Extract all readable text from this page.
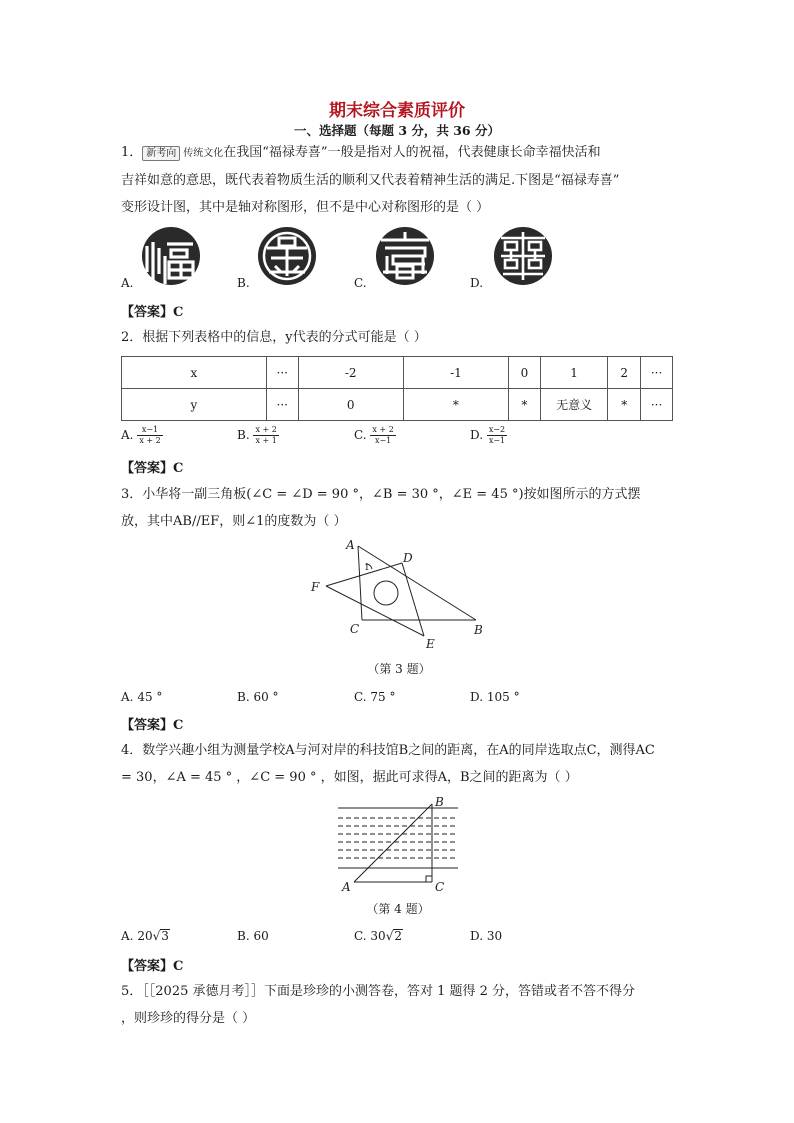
期末综合素质评价
一、选择题（每题 3 分，共 36 分）
1． 新考向 传统文化在我国“福禄寿喜”一般是指对人的祝福，代表健康长命幸福快活和
吉祥如意的意思，既代表着物质生活的顺利又代表着精神生活的满足.下图是“福禄寿喜”
变形设计图，其中是轴对称图形，但不是中心对称图形的是（ ）
A.	B.	C.	D.
【答案】C
2．根据下列表格中的信息，y代表的分式可能是（ ）
x	···	-2	-1	0	1	2	···
y	···	0	*	*	无意义	*	···
A. $\frac{x-1}{x + 2}$	B. $\frac{x + 2}{x + 1}$	C. $\frac{x + 2}{x-1}$	D. $\frac{x-2}{x-1}$
【答案】C
3．小华将一副三角板(∠C = ∠D = 90 °，∠B = 30 °，∠E = 45 °)按如图所示的方式摆
放，其中AB//EF，则∠1的度数为（ ）
A
D
F
C
E
B
1
（第 3 题）
A. 45 °	B. 60 °	C. 75 °	D. 105 °
【答案】C
4．数学兴趣小组为测量学校A与河对岸的科技馆B之间的距离，在A的同岸选取点C，测得AC
= 30，∠A = 45 ° ，∠C = 90 ° ，如图，据此可求得A，B之间的距离为（ ）
A
B
C
（第 4 题）
A. 20√3	B. 60	C. 30√2	D. 30
【答案】C
5．［［2025 承德月考］］下面是珍珍的小测答卷，答对 1 题得 2 分，答错或者不答不得分
，则珍珍的得分是（ ）
